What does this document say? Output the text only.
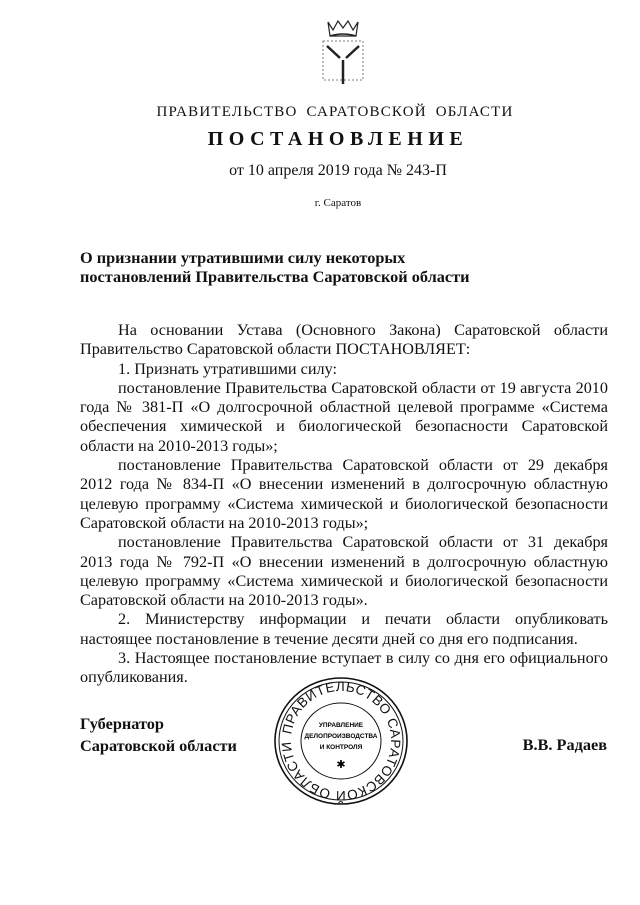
ПРАВИТЕЛЬСТВО САРАТОВСКОЙ ОБЛАСТИ
ПОСТАНОВЛЕНИЕ
от 10 апреля 2019 года № 243-П
г. Саратов
О признании утратившими силу некоторых
постановлений Правительства Саратовской области

На основании Устава (Основного Закона) Саратовской области Правительство Саратовской области ПОСТАНОВЛЯЕТ:

1. Признать утратившими силу:

постановление Правительства Саратовской области от 19 августа 2010 года № 381-П «О долгосрочной областной целевой программе «Система обеспечения химической и биологической безопасности Саратовской области на 2010-2013 годы»;

постановление Правительства Саратовской области от 29 декабря 2012 года № 834-П «О внесении изменений в долгосрочную областную целевую программу «Система химической и биологической безопасности Саратовской области на 2010-2013 годы»;

постановление Правительства Саратовской области от 31 декабря 2013 года № 792-П «О внесении изменений в долгосрочную областную целевую программу «Система химической и биологической безопасности Саратовской области на 2010-2013 годы».

2. Министерству информации и печати области опубликовать настоящее постановление в течение десяти дней со дня его подписания.

3. Настоящее постановление вступает в силу со дня его официального опубликования.

Губернатор
Саратовской области	В.В. Радаев
ПРАВИТЕЛЬСТВО САРАТОВСКОЙ ОБЛАСТИ
УПРАВЛЕНИЕ
ДЕЛОПРОИЗВОДСТВА
И КОНТРОЛЯ
✱
